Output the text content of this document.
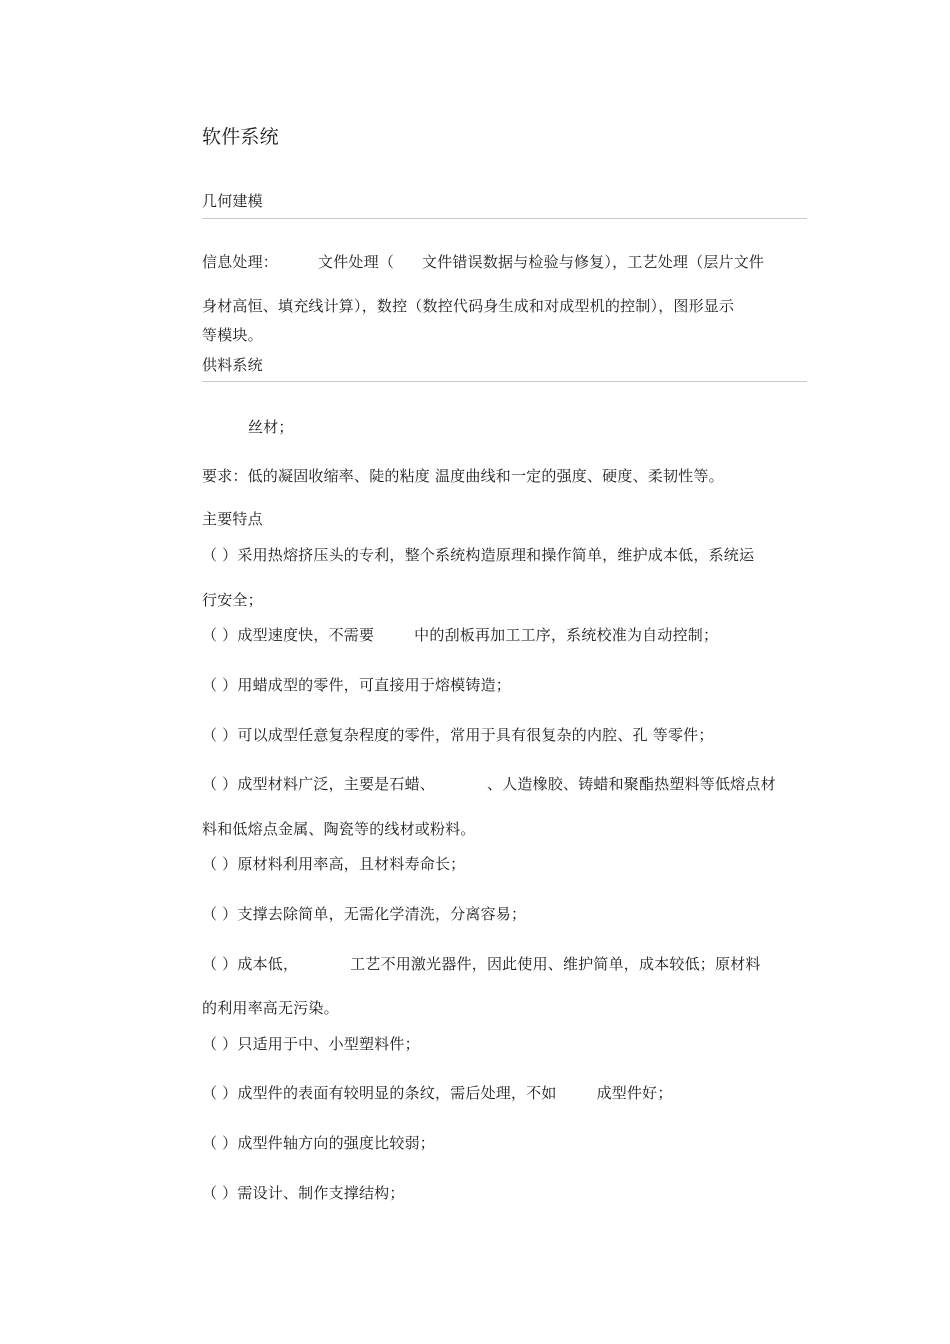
软件系统
几何建模
信息处理：	文件处理（ 文件错误数据与检验与修复），工艺处理（层片文件
身材高恒、填充线计算），数控（数控代码身生成和对成型机的控制），图形显示
等模块。
供料系统
丝材；
要求：低的凝固收缩率、陡的粘度 温度曲线和一定的强度、硬度、柔韧性等。
主要特点
（ ）采用热熔挤压头的专利，整个系统构造原理和操作简单，维护成本低，系统运
行安全；
（ ）成型速度快，不需要	中的刮板再加工工序，系统校准为自动控制；
（ ）用蜡成型的零件，可直接用于熔模铸造；
（ ）可以成型任意复杂程度的零件，常用于具有很复杂的内腔、孔 等零件；
（ ）成型材料广泛，主要是石蜡、	、人造橡胶、铸蜡和聚酯热塑料等低熔点材
料和低熔点金属、陶瓷等的线材或粉料。
（ ）原材料利用率高，且材料寿命长；
（ ）支撑去除简单，无需化学清洗，分离容易；
（ ）成本低，	工艺不用激光器件，因此使用、维护简单，成本较低；原材料
的利用率高无污染。
（ ）只适用于中、小型塑料件；
（ ）成型件的表面有较明显的条纹，需后处理，不如	成型件好；
（ ）成型件轴方向的强度比较弱；
（ ）需设计、制作支撑结构；
